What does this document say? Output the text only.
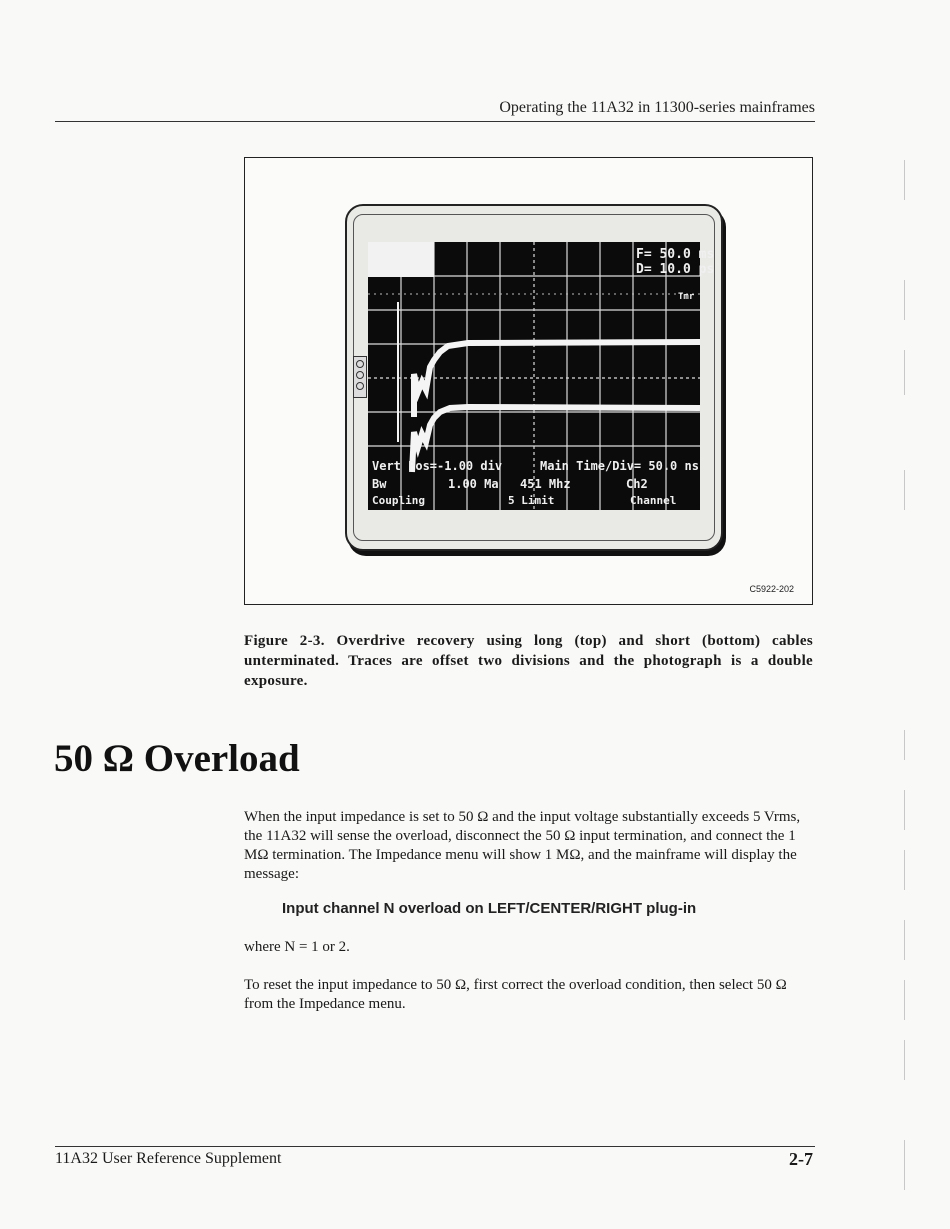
Operating the 11A32 in 11300-series mainframes
F= 50.0 ms
D= 10.0 ps
Tmr
Vert Pos=-1.00 div	Main Time/Div= 50.0 ns
Bw	1.00 Ma 451 Mhz	Ch2
Coupling	5 Limit	Channel
C5922-202
Figure 2-3. Overdrive recovery using long (top) and short (bottom) cables unterminated. Traces are offset two divisions and the photograph is a double exposure.
50 Ω Overload
When the input impedance is set to 50 Ω and the input voltage substantially exceeds 5 Vrms, the 11A32 will sense the overload, disconnect the 50 Ω input termination, and connect the 1 MΩ termination. The Impedance menu will show 1 MΩ, and the mainframe will display the message:
Input channel N overload on LEFT/CENTER/RIGHT plug-in
where N = 1 or 2.
To reset the input impedance to 50 Ω, first correct the overload condition, then select 50 Ω from the Impedance menu.
11A32 User Reference Supplement	2-7
